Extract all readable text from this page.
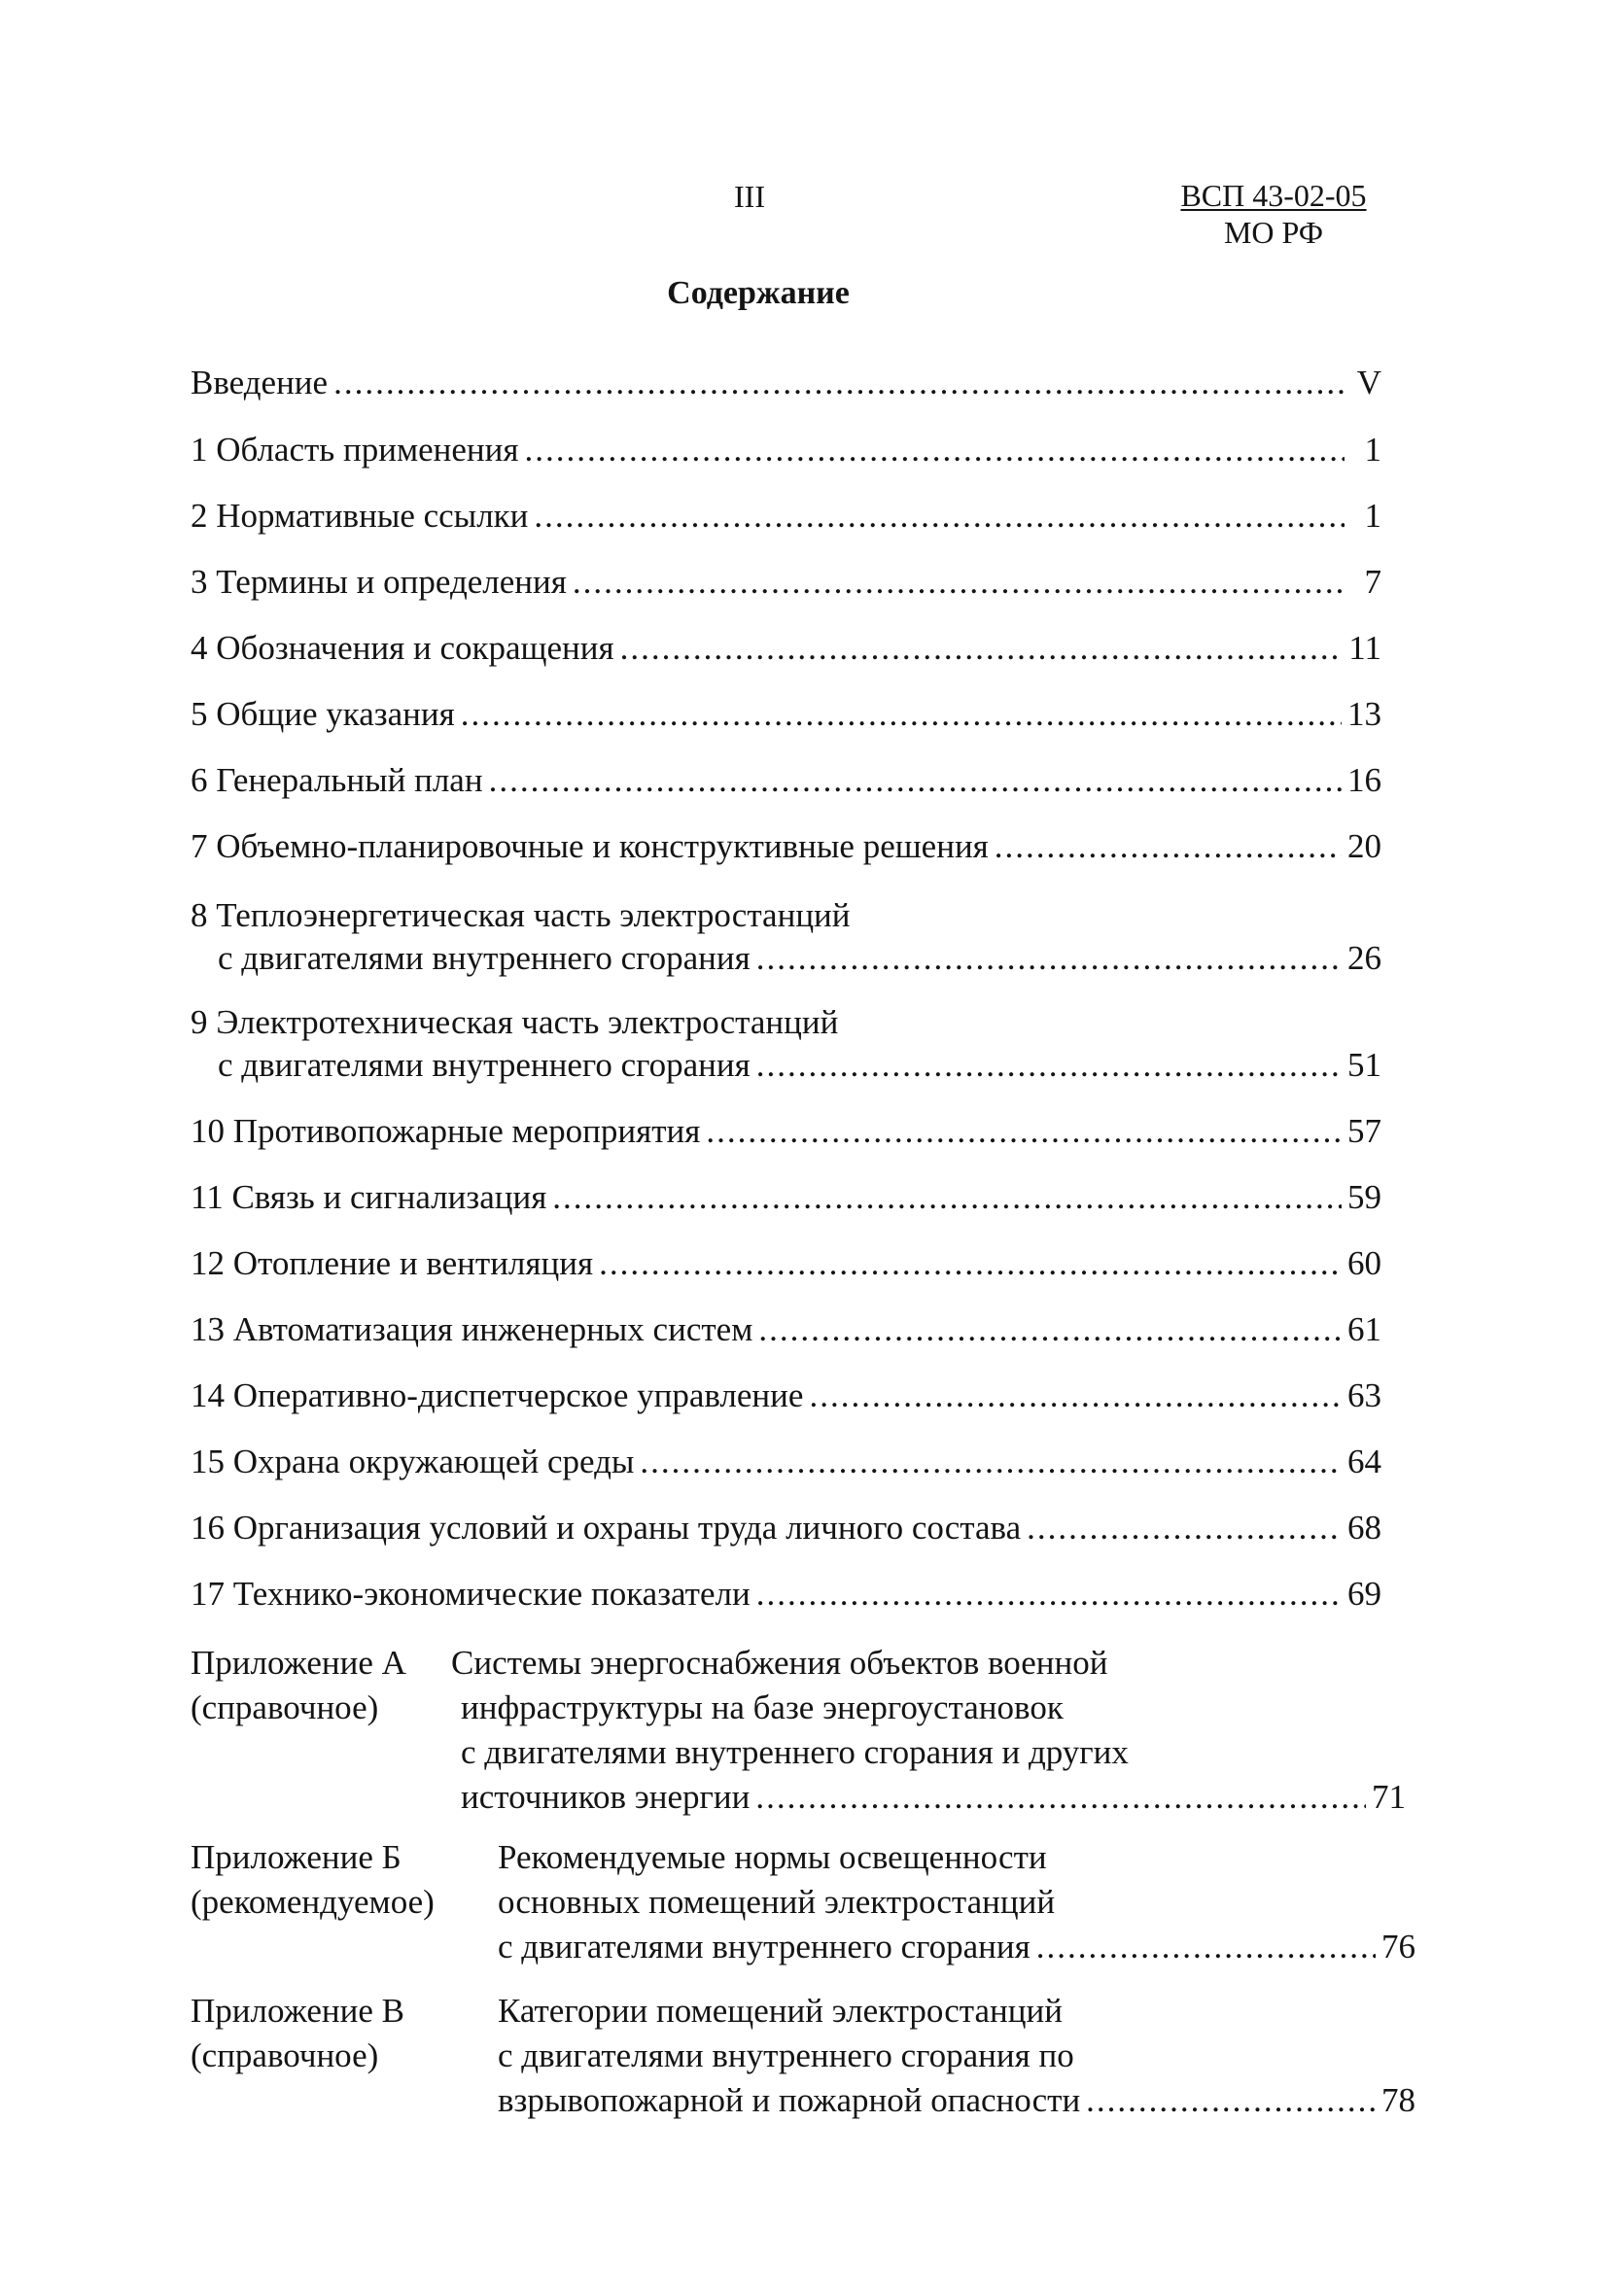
III	ВСП 43-02-05
МО РФ
Содержание
Введение .....	V
1 Область применения .....	1
2 Нормативные ссылки .....	1
3 Термины и определения .....	7
4 Обозначения и сокращения .....	11
5 Общие указания .....	13
6 Генеральный план .....	16
7 Объемно-планировочные и конструктивные решения .....	20
8 Теплоэнергетическая часть электростанций
с двигателями внутреннего сгорания .....	26
9 Электротехническая часть электростанций
с двигателями внутреннего сгорания .....	51
10 Противопожарные мероприятия .....	57
11 Связь и сигнализация .....	59
12 Отопление и вентиляция .....	60
13 Автоматизация инженерных систем .....	61
14 Оперативно-диспетчерское управление .....	63
15 Охрана окружающей среды .....	64
16 Организация условий и охраны труда личного состава .....	68
17 Технико-экономические показатели .....	69
Приложение А
(справочное)
Системы энергоснабжения объектов военной
инфраструктуры на базе энергоустановок
с двигателями внутреннего сгорания и других
источников энергии .....	71
Приложение Б
(рекомендуемое)
Рекомендуемые нормы освещенности
основных помещений электростанций
с двигателями внутреннего сгорания .....	76
Приложение В
(справочное)
Категории помещений электростанций
с двигателями внутреннего сгорания по
взрывопожарной и пожарной опасности .....	78
